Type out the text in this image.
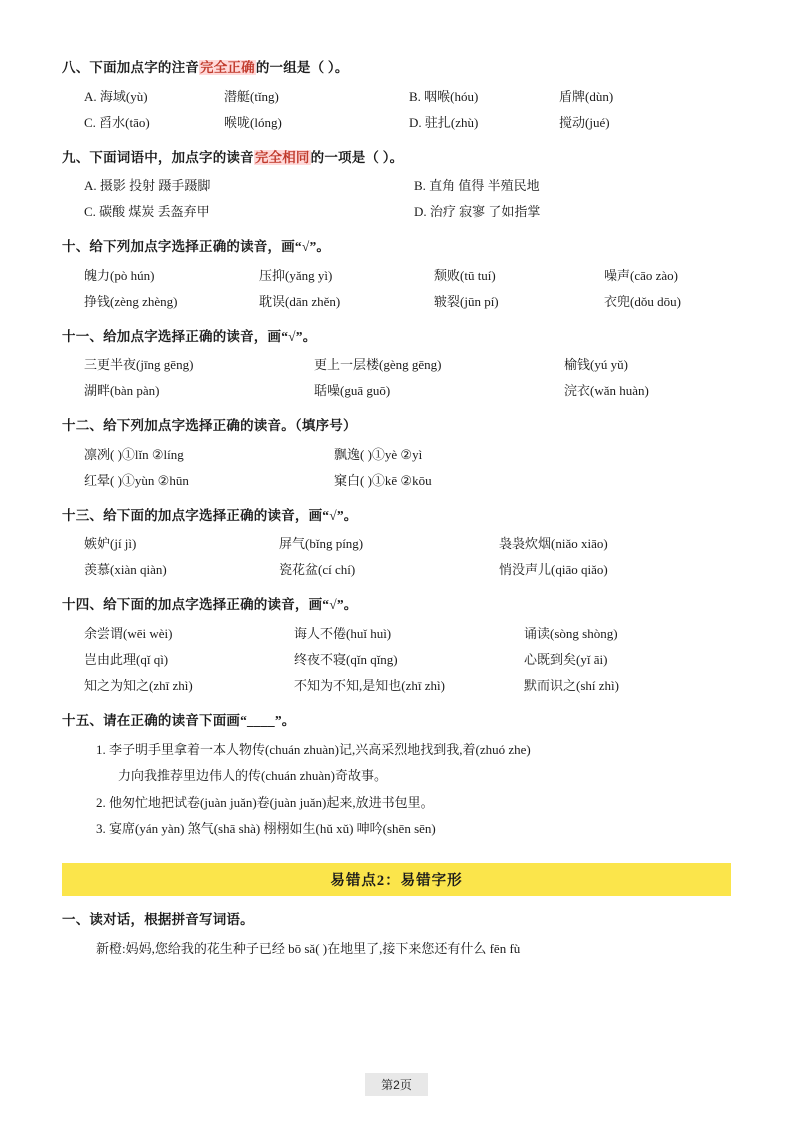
八、下面加点字的注音完全正确的一组是（ ）。
A. 海域(yù)	潜艇(tǐng)	B. 咽喉(hóu)	盾牌(dùn)
C. 舀水(tāo)	喉咙(lóng)	D. 驻扎(zhù)	搅动(jué)
九、下面词语中，加点字的读音完全相同的一项是（ ）。
A. 摄影 投射 蹑手蹑脚	B. 直角 值得 半殖民地
C. 碳酸 煤炭 丢盔弃甲	D. 治疗 寂寥 了如指掌
十、给下列加点字选择正确的读音，画“√”。
魄力(pò hún)	压抑(yǎng yì)	颓败(tū tuí)	噪声(cāo zào)
挣钱(zèng zhèng)	耽误(dān zhěn)	皲裂(jūn pí)	衣兜(dǒu dōu)
十一、给加点字选择正确的读音，画“√”。
三更半夜(jīng gēng)	更上一层楼(gèng gēng)	榆钱(yú yǔ)
湖畔(bàn pàn)	聒噪(guā guō)	浣衣(wǎn huàn)
十二、给下列加点字选择正确的读音。（填序号）
凛冽( )①lǐn ②líng	飘逸( )①yè ②yì
红晕( )①yùn ②hūn	窠白( )①kē ②kōu
十三、给下面的加点字选择正确的读音，画“√”。
嫉妒(jí jì)	屏气(bǐng píng)	袅袅炊烟(niǎo xiāo)
羡慕(xiàn qiàn)	瓷花盆(cí chí)	悄没声儿(qiāo qiǎo)
十四、给下面的加点字选择正确的读音，画“√”。
余尝谓(wēi wèi)	诲人不倦(huǐ huì)	诵读(sòng shòng)
岂由此理(qǐ qì)	终夜不寝(qǐn qǐng)	心既到矣(yǐ āi)
知之为知之(zhī zhì)	不知为不知,是知也(zhī zhì)	默而识之(shí zhì)
十五、请在正确的读音下面画“____”。
1. 李子明手里拿着一本人物传(chuán zhuàn)记,兴高采烈地找到我,着(zhuó zhe)
力向我推荐里边伟人的传(chuán zhuàn)奇故事。
2. 他匆忙地把试卷(juàn juǎn)卷(juàn juǎn)起来,放进书包里。
3. 宴席(yán yàn) 煞气(shā shà) 栩栩如生(hǔ xǔ) 呻吟(shēn sēn)
易错点2：易错字形
一、读对话，根据拼音写词语。
新橙:妈妈,您给我的花生种子已经 bō sǎ( )在地里了,接下来您还有什么 fēn fù
第2页
